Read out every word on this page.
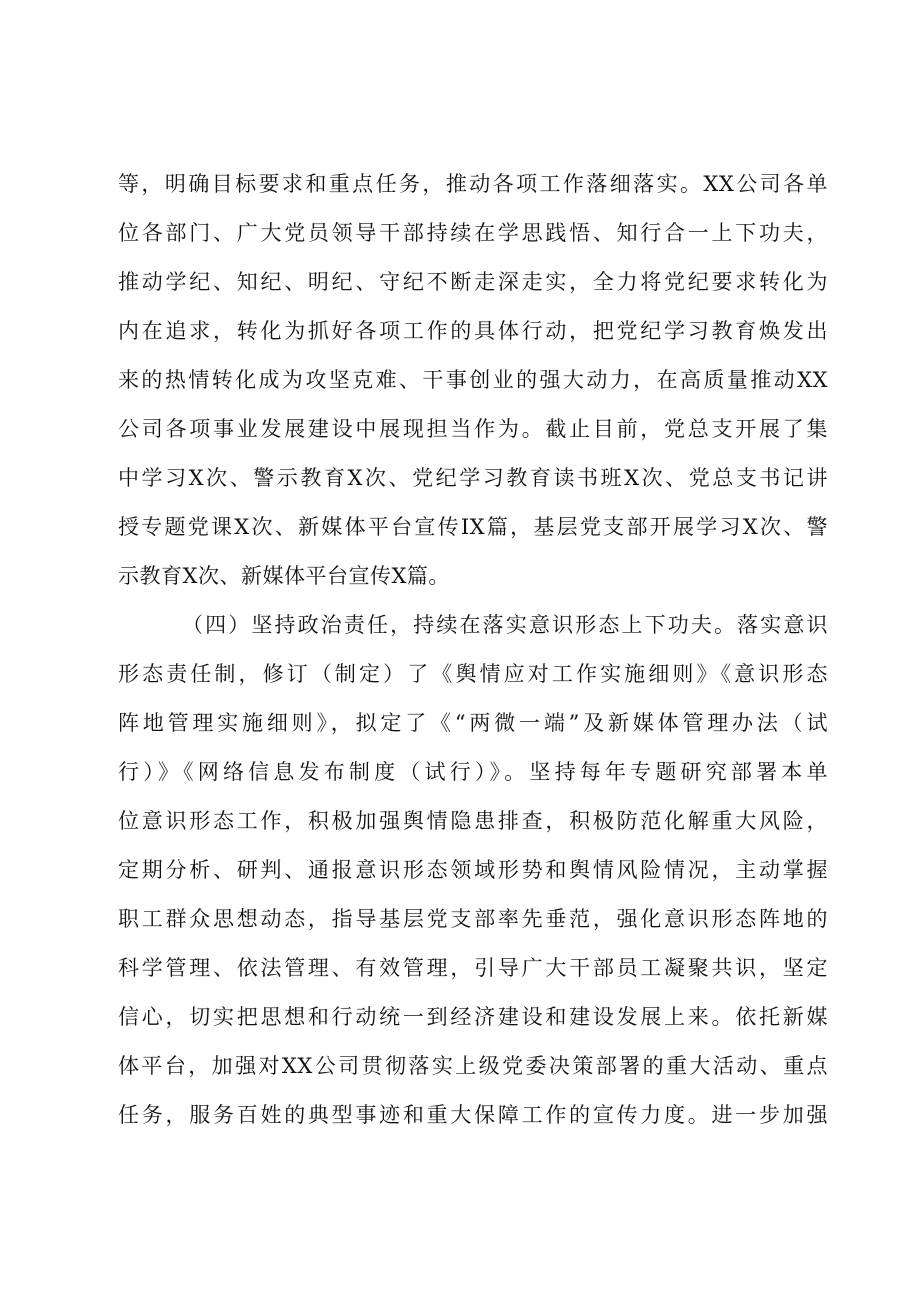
等，明确目标要求和重点任务，推动各项工作落细落实。XX公司各单
位各部门、广大党员领导干部持续在学思践悟、知行合一上下功夫，
推动学纪、知纪、明纪、守纪不断走深走实，全力将党纪要求转化为
内在追求，转化为抓好各项工作的具体行动，把党纪学习教育焕发出
来的热情转化成为攻坚克难、干事创业的强大动力，在高质量推动XX
公司各项事业发展建设中展现担当作为。截止目前，党总支开展了集
中学习X次、警示教育X次、党纪学习教育读书班X次、党总支书记讲
授专题党课X次、新媒体平台宣传IX篇，基层党支部开展学习X次、警
示教育X次、新媒体平台宣传X篇。
（四）坚持政治责任，持续在落实意识形态上下功夫。落实意识
形态责任制，修订（制定）了《舆情应对工作实施细则》《意识形态
阵地管理实施细则》，拟定了《“两微一端”及新媒体管理办法（试
行）》《网络信息发布制度（试行）》。坚持每年专题研究部署本单
位意识形态工作，积极加强舆情隐患排查，积极防范化解重大风险，
定期分析、研判、通报意识形态领域形势和舆情风险情况，主动掌握
职工群众思想动态，指导基层党支部率先垂范，强化意识形态阵地的
科学管理、依法管理、有效管理，引导广大干部员工凝聚共识，坚定
信心，切实把思想和行动统一到经济建设和建设发展上来。依托新媒
体平台，加强对XX公司贯彻落实上级党委决策部署的重大活动、重点
任务，服务百姓的典型事迹和重大保障工作的宣传力度。进一步加强
